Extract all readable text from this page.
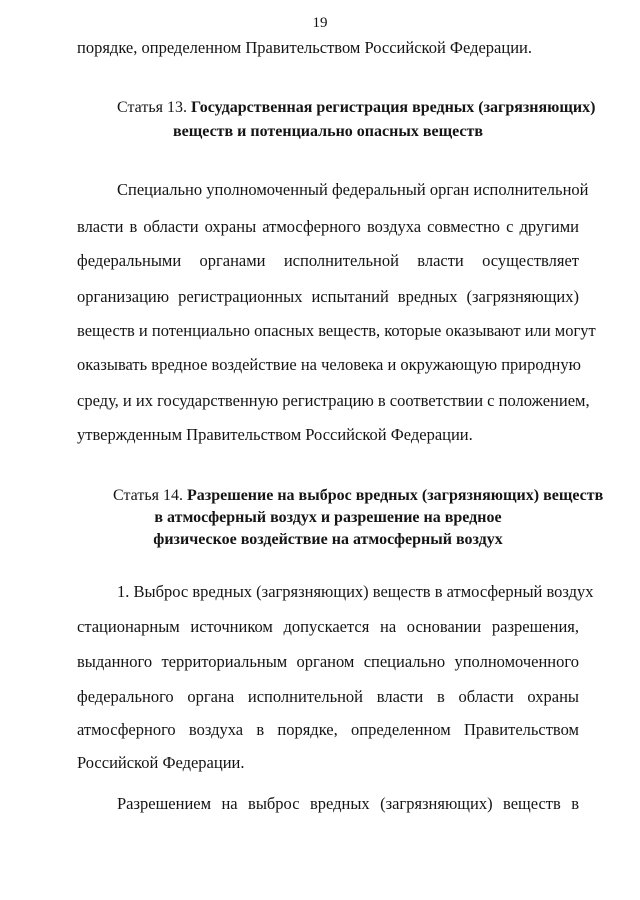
19
порядке, определенном Правительством Российской Федерации.
Статья 13. Государственная регистрация вредных (загрязняющих)
веществ и потенциально опасных веществ
Специально уполномоченный федеральный орган исполнительной
власти в области охраны атмосферного воздуха совместно с другими
федеральными органами исполнительной власти осуществляет
организацию регистрационных испытаний вредных (загрязняющих)
веществ и потенциально опасных веществ, которые оказывают или могут
оказывать вредное воздействие на человека и окружающую природную
среду, и их государственную регистрацию в соответствии с положением,
утвержденным Правительством Российской Федерации.
Статья 14. Разрешение на выброс вредных (загрязняющих) веществ
в атмосферный воздух и разрешение на вредное
физическое воздействие на атмосферный воздух
1. Выброс вредных (загрязняющих) веществ в атмосферный воздух
стационарным источником допускается на основании разрешения,
выданного территориальным органом специально уполномоченного
федерального органа исполнительной власти в области охраны
атмосферного воздуха в порядке, определенном Правительством
Российской Федерации.
Разрешением на выброс вредных (загрязняющих) веществ в
